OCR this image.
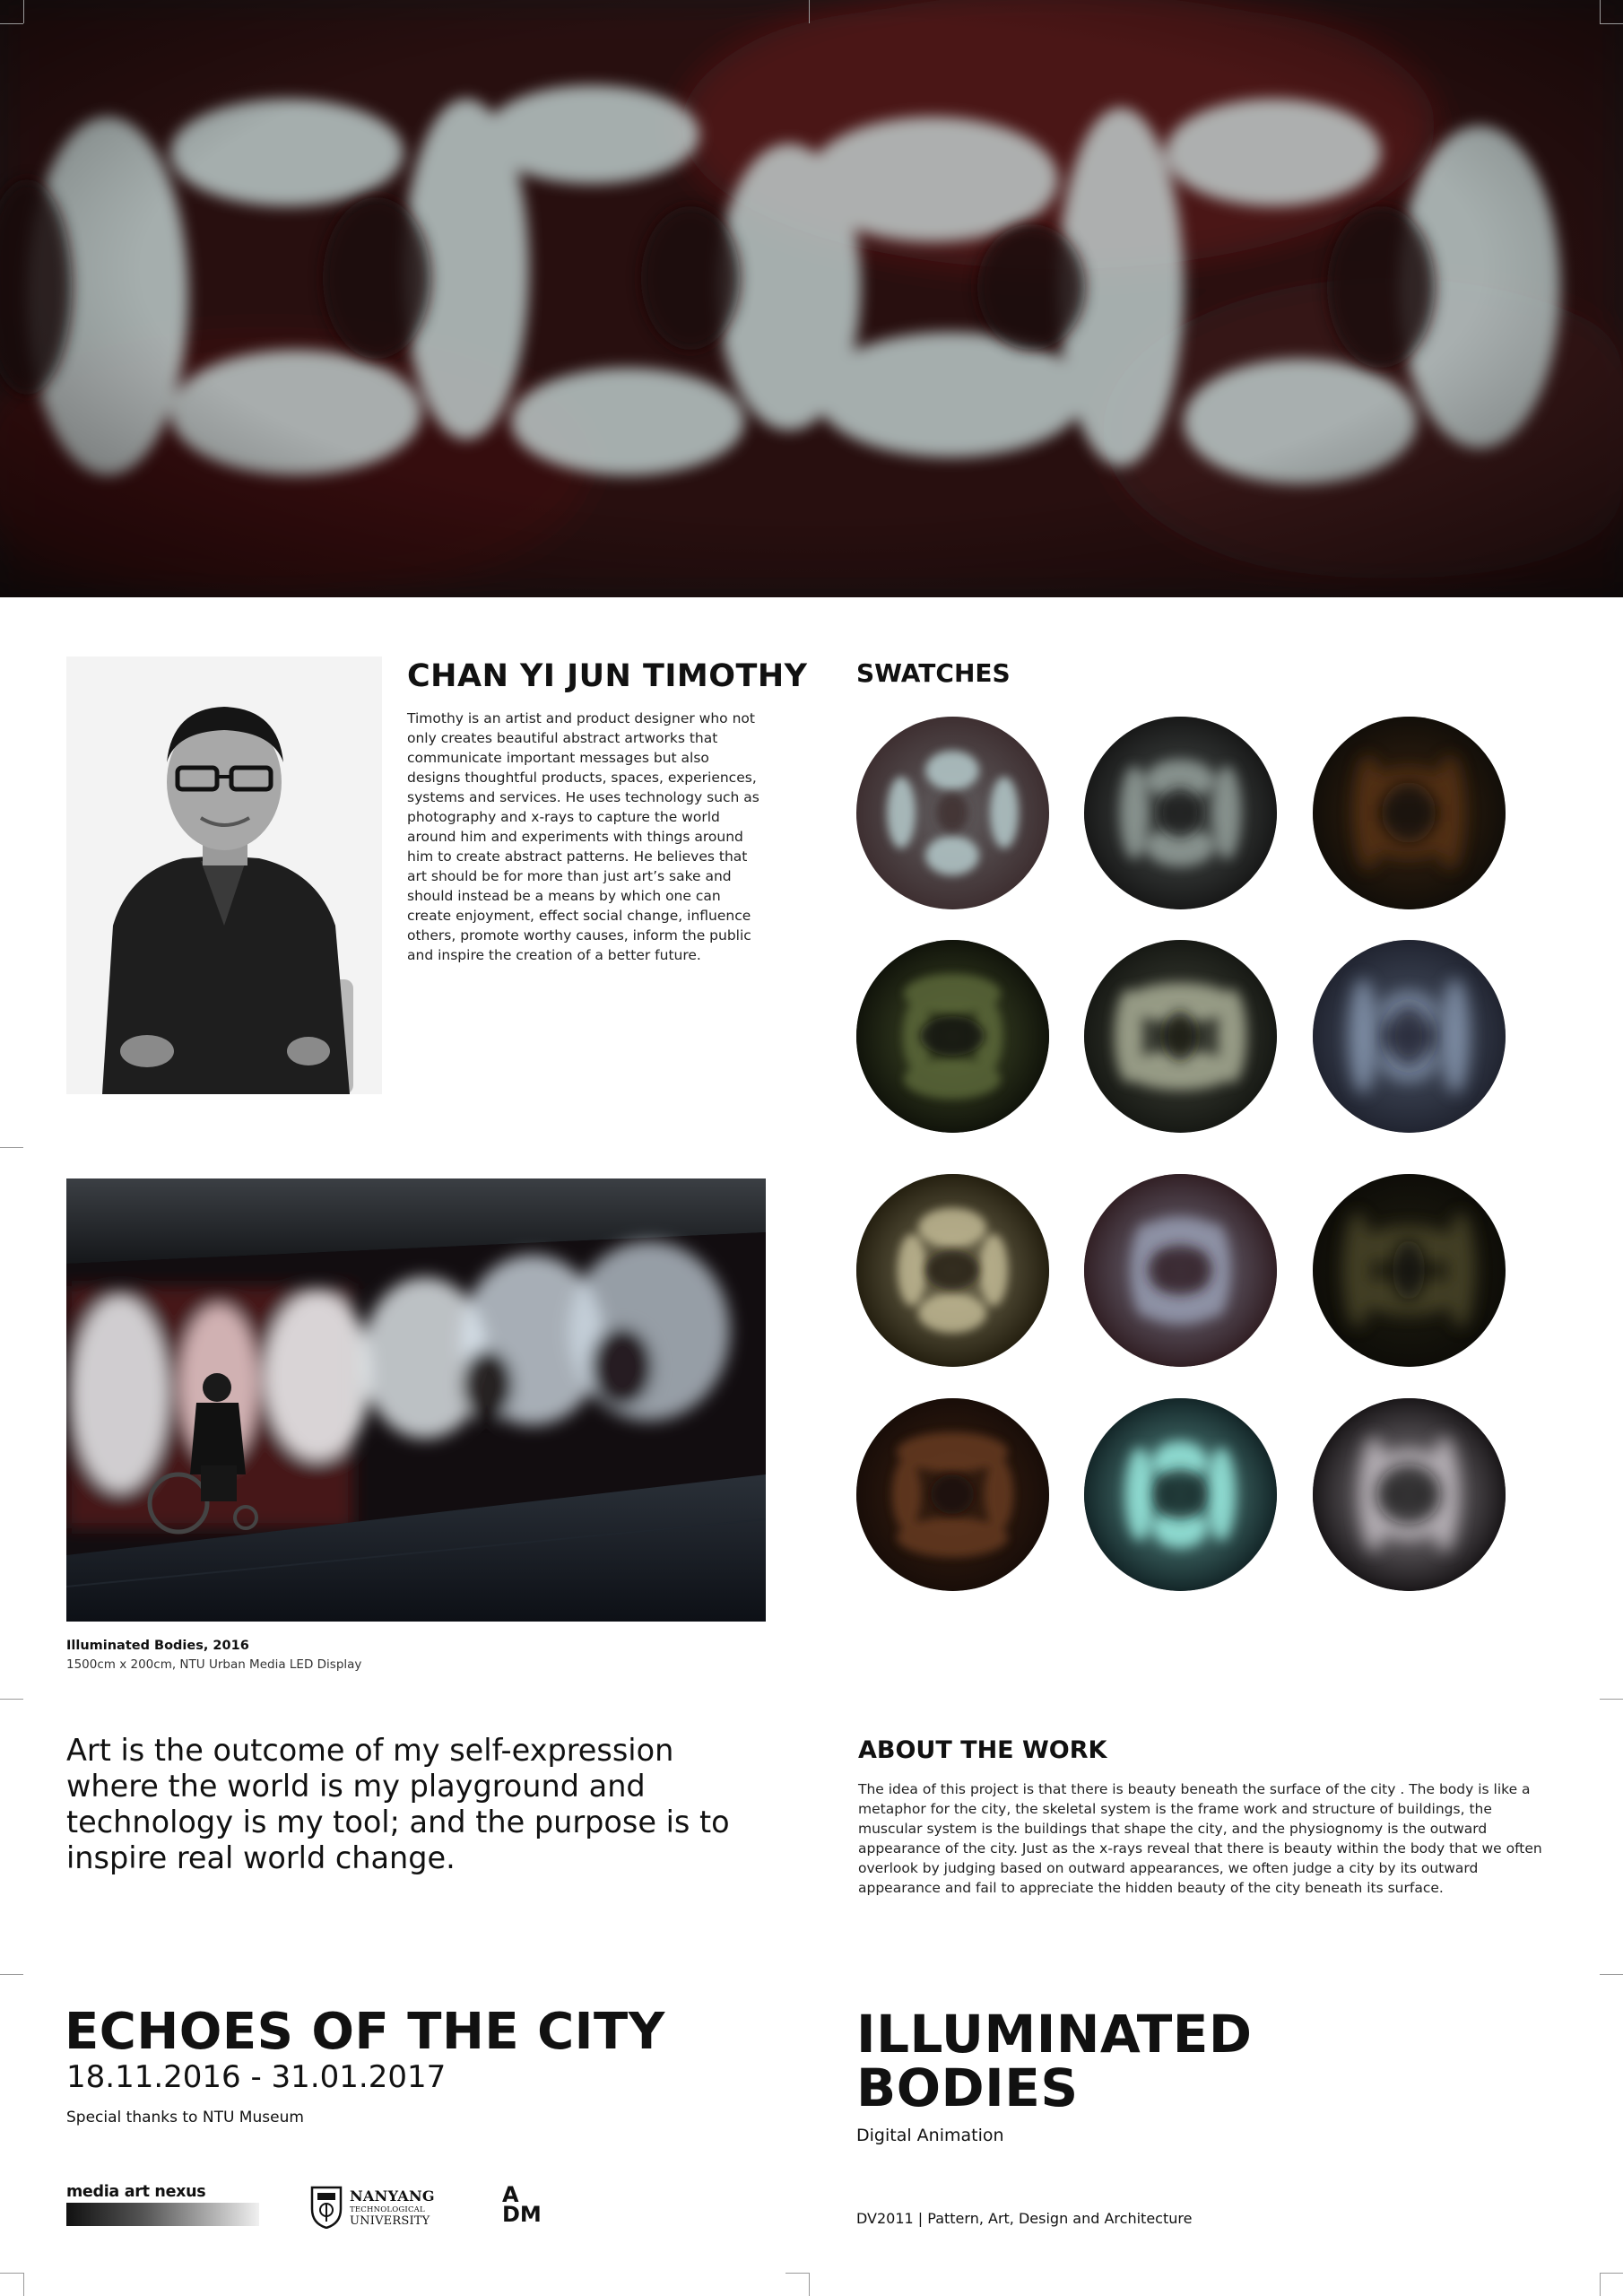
CHAN YI JUN TIMOTHY

Timothy is an artist and product designer who not only creates beautiful abstract artworks that communicate important messages but also designs thoughtful products, spaces, experiences, systems and services. He uses technology such as photography and x-rays to capture the world around him and experiments with things around him to create abstract patterns. He believes that art should be for more than just art’s sake and should instead be a means by which one can create enjoyment, effect social change, influence others, promote worthy causes, inform the public and inspire the creation of a better future.

SWATCHES

Illuminated Bodies, 2016

1500cm x 200cm, NTU Urban Media LED Display

Art is the outcome of my self-expression where the world is my playground and technology is my tool; and the purpose is to inspire real world change.

ABOUT THE WORK

The idea of this project is that there is beauty beneath the surface of the city . The body is like a metaphor for the city, the skeletal system is the frame work and structure of buildings, the muscular system is the buildings that shape the city, and the physiognomy is the outward appearance of the city. Just as the x-rays reveal that there is beauty within the body that we often overlook by judging based on outward appearances, we often judge a city by its outward appearance and fail to appreciate the hidden beauty of the city beneath its surface.

ECHOES OF THE CITY

18.11.2016 - 31.01.2017

Special thanks to NTU Museum

ILLUMINATED BODIES

Digital Animation

DV2011 | Pattern, Art, Design and Architecture

media art nexus	NANYANG
TECHNOLOGICAL
UNIVERSITY
A
DM
